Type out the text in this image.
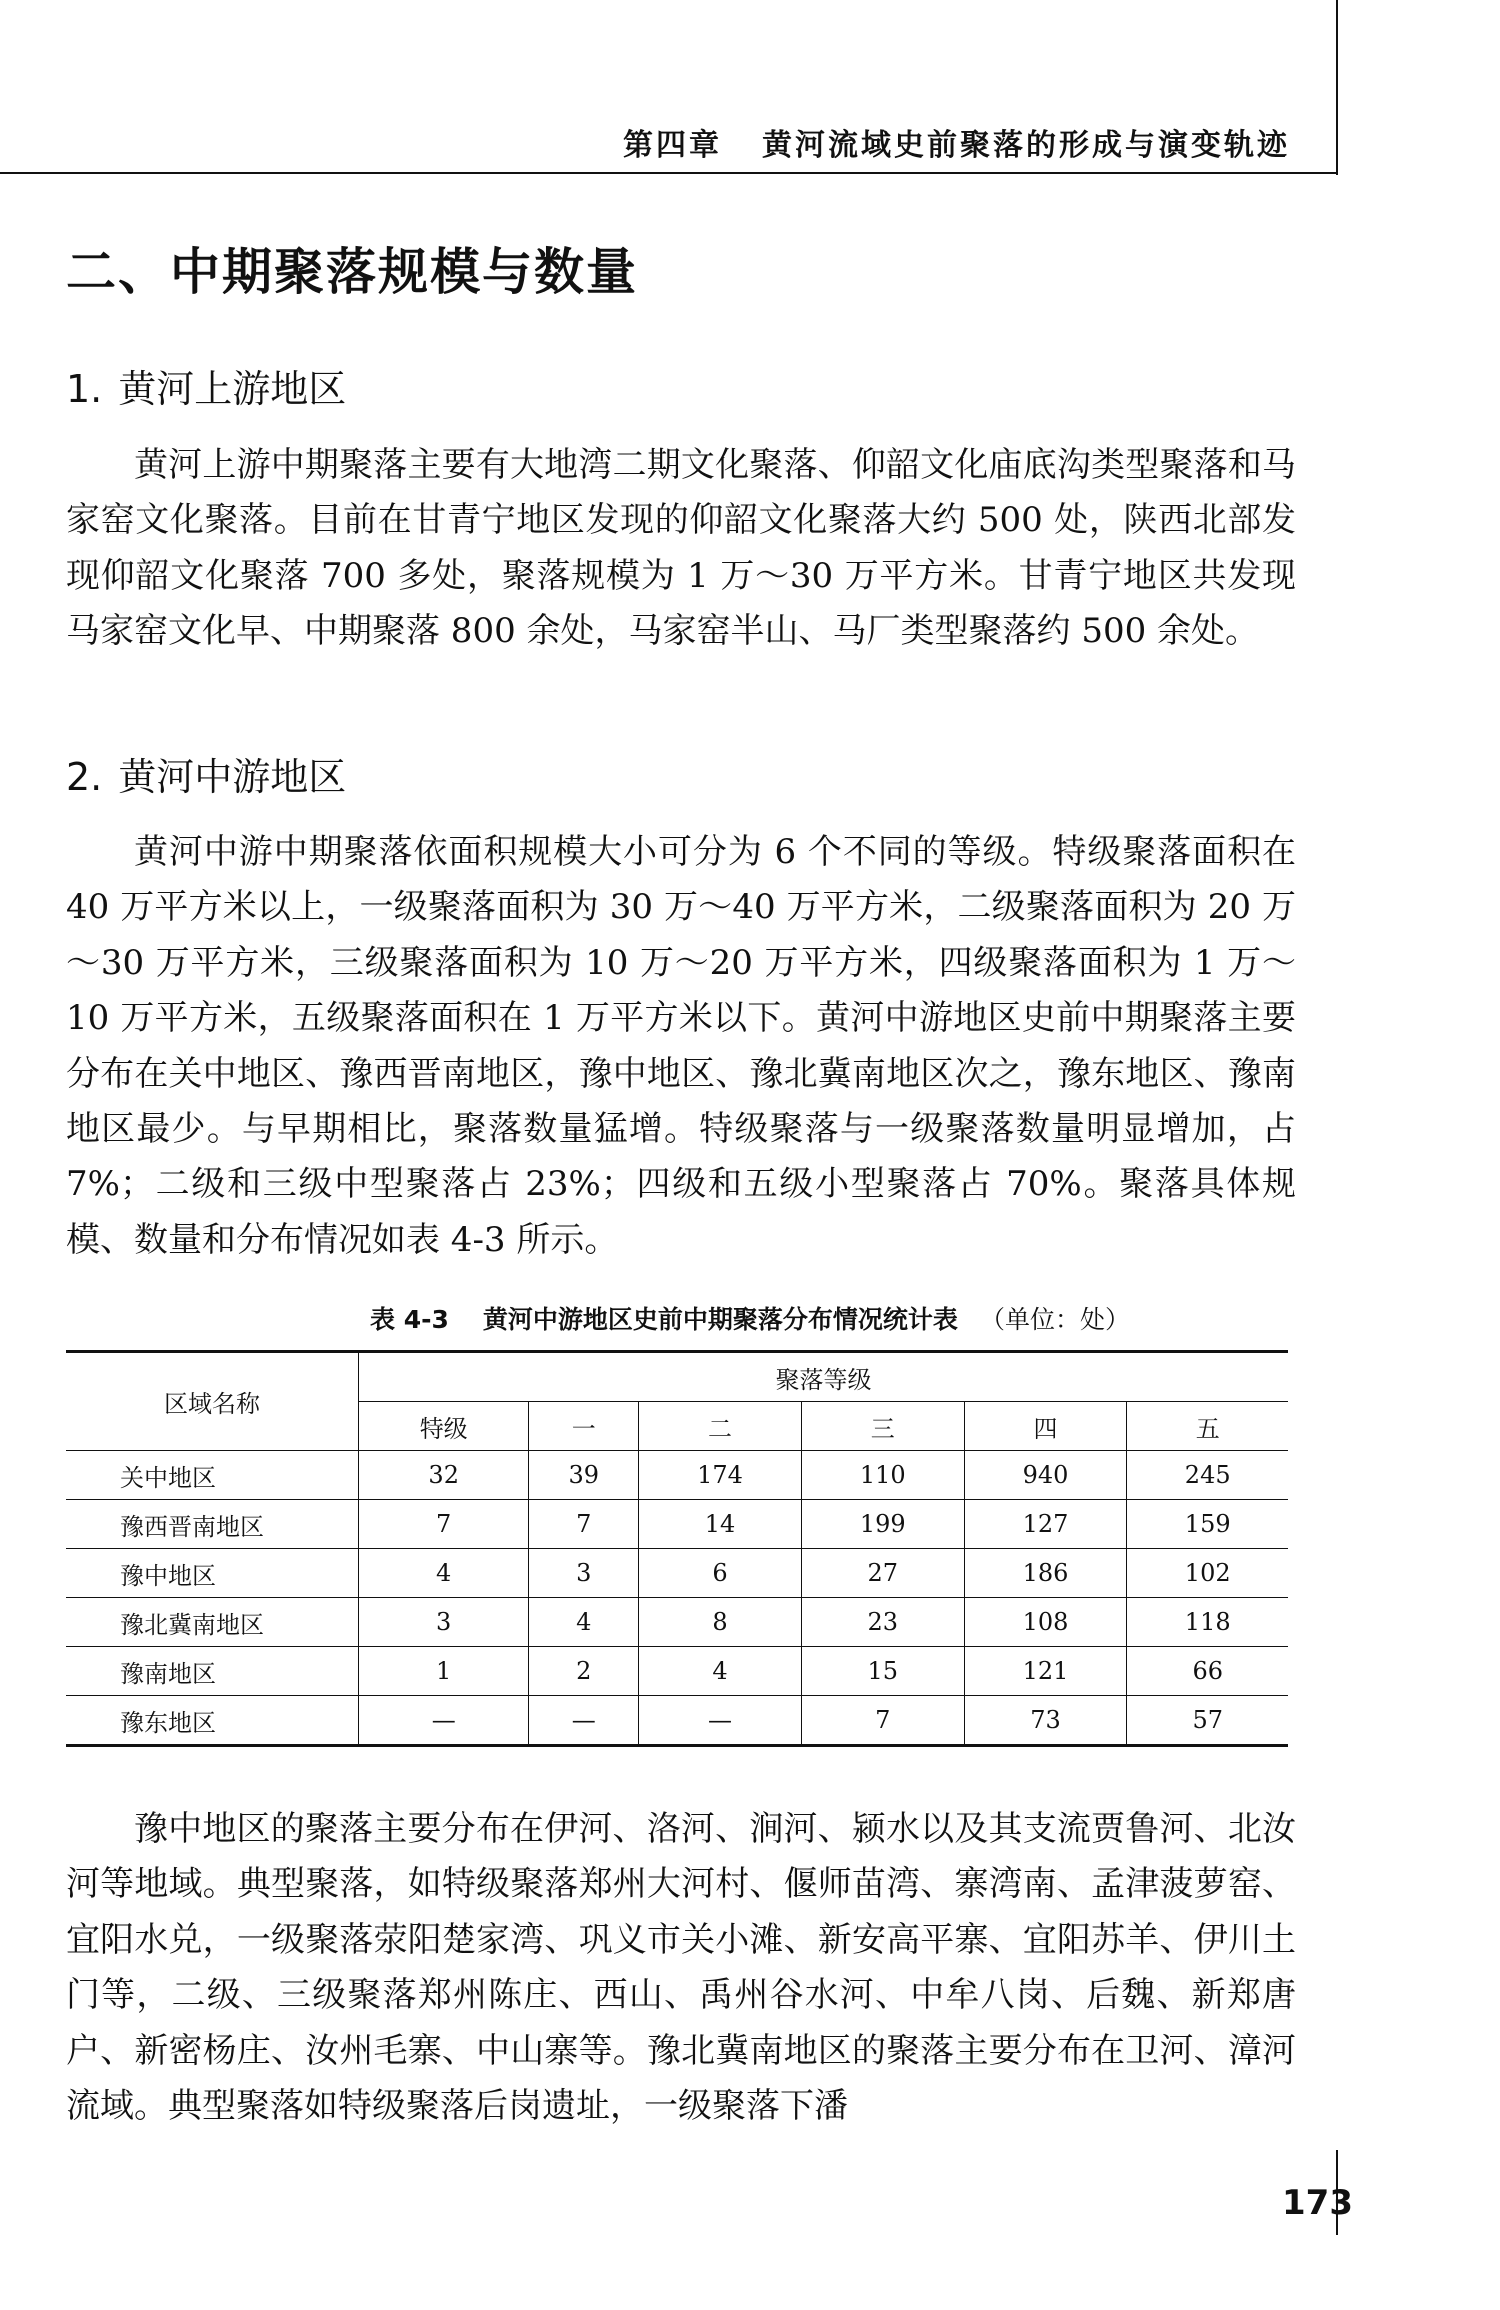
第四章 黄河流域史前聚落的形成与演变轨迹
二、中期聚落规模与数量
1. 黄河上游地区

黄河上游中期聚落主要有大地湾二期文化聚落、仰韶文化庙底沟类型聚落和马家窑文化聚落。目前在甘青宁地区发现的仰韶文化聚落大约 500 处，陕西北部发现仰韶文化聚落 700 多处，聚落规模为 1 万～30 万平方米。甘青宁地区共发现马家窑文化早、中期聚落 800 余处，马家窑半山、马厂类型聚落约 500 余处。

2. 黄河中游地区

黄河中游中期聚落依面积规模大小可分为 6 个不同的等级。特级聚落面积在 40 万平方米以上，一级聚落面积为 30 万～40 万平方米，二级聚落面积为 20 万～30 万平方米，三级聚落面积为 10 万～20 万平方米，四级聚落面积为 1 万～10 万平方米，五级聚落面积在 1 万平方米以下。黄河中游地区史前中期聚落主要分布在关中地区、豫西晋南地区，豫中地区、豫北冀南地区次之，豫东地区、豫南地区最少。与早期相比，聚落数量猛增。特级聚落与一级聚落数量明显增加，占 7%；二级和三级中型聚落占 23%；四级和五级小型聚落占 70%。聚落具体规模、数量和分布情况如表 4-3 所示。

表 4-3 黄河中游地区史前中期聚落分布情况统计表 （单位：处）
区域名称	聚落等级					
	特级	一	二	三	四	五
关中地区	32	39	174	110	940	245
豫西晋南地区	7	7	14	199	127	159
豫中地区	4	3	6	27	186	102
豫北冀南地区	3	4	8	23	108	118
豫南地区	1	2	4	15	121	66
豫东地区	—	—	—	7	73	57

豫中地区的聚落主要分布在伊河、洛河、涧河、颍水以及其支流贾鲁河、北汝河等地域。典型聚落，如特级聚落郑州大河村、偃师苗湾、寨湾南、孟津菠萝窑、宜阳水兑，一级聚落荥阳楚家湾、巩义市关小滩、新安高平寨、宜阳苏羊、伊川土门等，二级、三级聚落郑州陈庄、西山、禹州谷水河、中牟八岗、后魏、新郑唐户、新密杨庄、汝州毛寨、中山寨等。豫北冀南地区的聚落主要分布在卫河、漳河流域。典型聚落如特级聚落后岗遗址，一级聚落下潘

173
